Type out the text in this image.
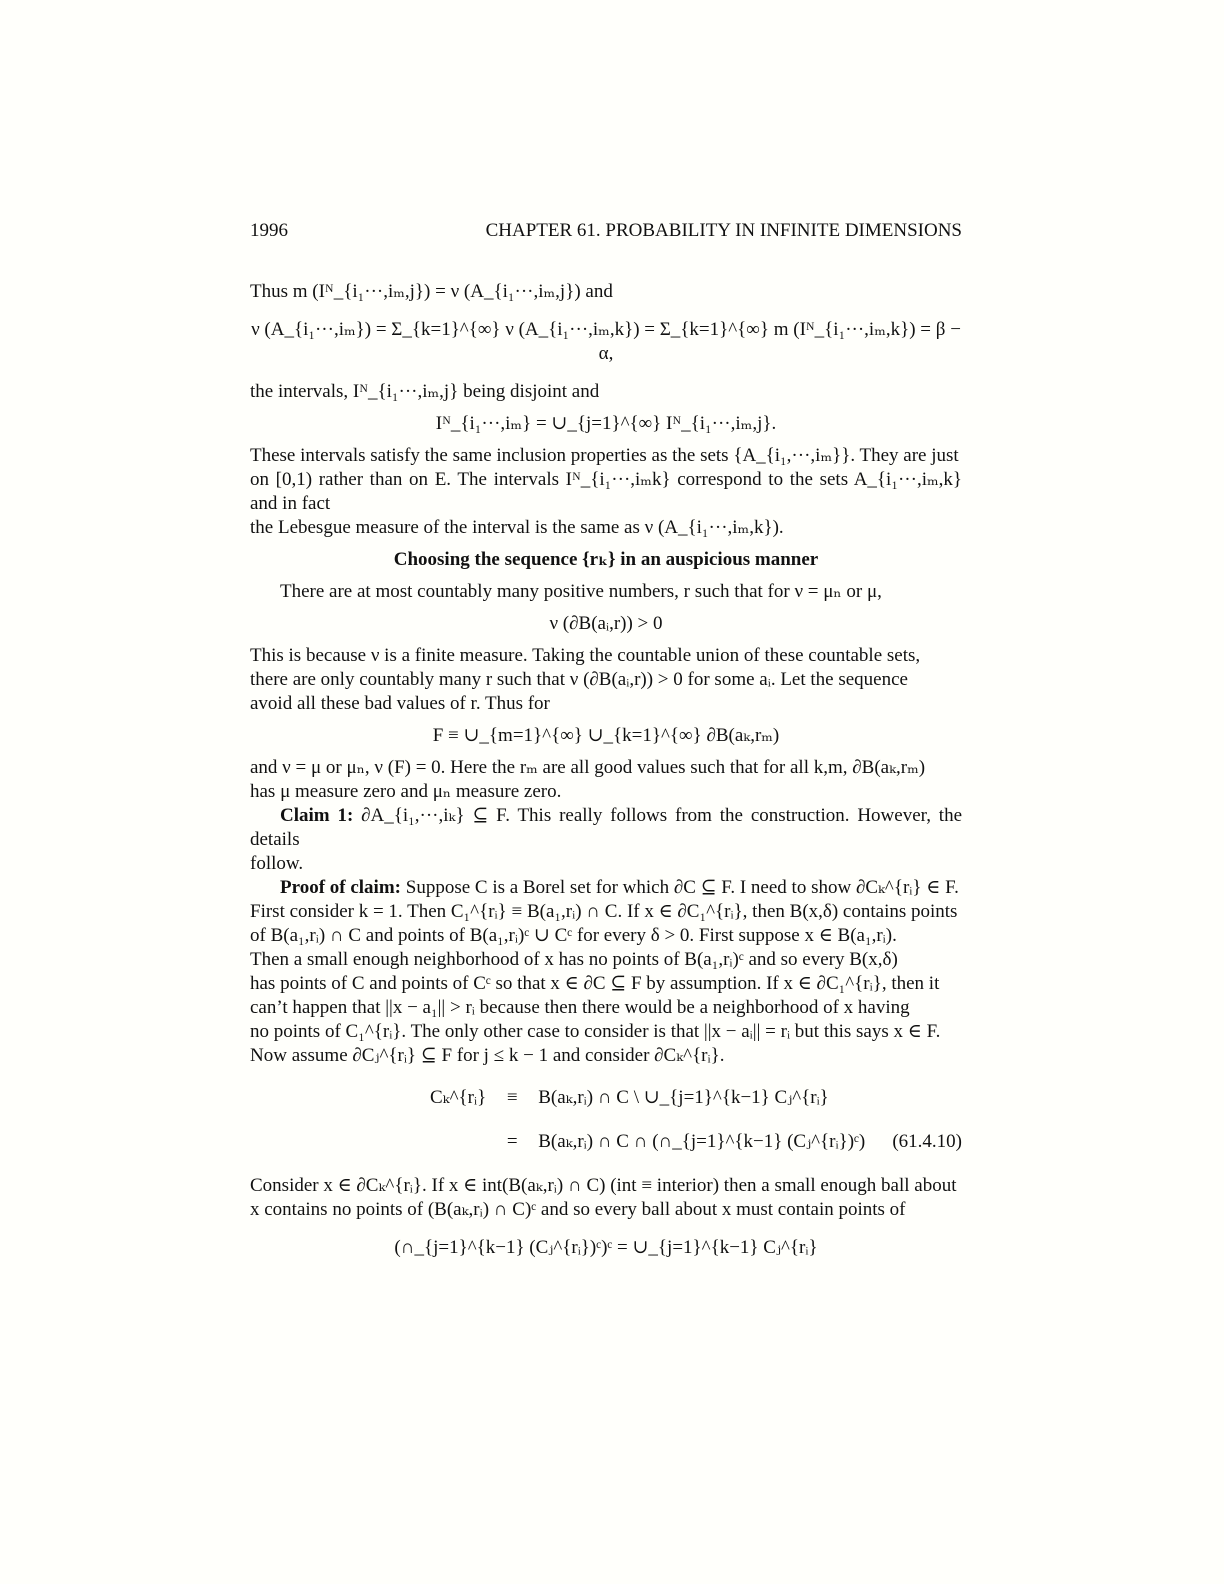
1996	CHAPTER 61. PROBABILITY IN INFINITE DIMENSIONS
Thus m (Iᴺ_{i₁···,iₘ,j}) = ν (A_{i₁···,iₘ,j}) and
ν (A_{i₁···,iₘ}) = Σ_{k=1}^{∞} ν (A_{i₁···,iₘ,k}) = Σ_{k=1}^{∞} m (Iᴺ_{i₁···,iₘ,k}) = β − α,
the intervals, Iᴺ_{i₁···,iₘ,j} being disjoint and
Iᴺ_{i₁···,iₘ} = ∪_{j=1}^{∞} Iᴺ_{i₁···,iₘ,j}.
These intervals satisfy the same inclusion properties as the sets {A_{i₁,···,iₘ}}. They are just
on [0,1) rather than on E. The intervals Iᴺ_{i₁···,iₘk} correspond to the sets A_{i₁···,iₘ,k} and in fact
the Lebesgue measure of the interval is the same as ν (A_{i₁···,iₘ,k}).
Choosing the sequence {rₖ} in an auspicious manner
There are at most countably many positive numbers, r such that for ν = μₙ or μ,
ν (∂B(aᵢ,r)) > 0
This is because ν is a finite measure. Taking the countable union of these countable sets,
there are only countably many r such that ν (∂B(aᵢ,r)) > 0 for some aᵢ. Let the sequence
avoid all these bad values of r. Thus for
F ≡ ∪_{m=1}^{∞} ∪_{k=1}^{∞} ∂B(aₖ,rₘ)
and ν = μ or μₙ, ν (F) = 0. Here the rₘ are all good values such that for all k,m, ∂B(aₖ,rₘ)
has μ measure zero and μₙ measure zero.
Claim 1: ∂A_{i₁,···,iₖ} ⊆ F. This really follows from the construction. However, the details
follow.
Proof of claim: Suppose C is a Borel set for which ∂C ⊆ F. I need to show ∂Cₖ^{rᵢ} ∈ F.
First consider k = 1. Then C₁^{rᵢ} ≡ B(a₁,rᵢ) ∩ C. If x ∈ ∂C₁^{rᵢ}, then B(x,δ) contains points
of B(a₁,rᵢ) ∩ C and points of B(a₁,rᵢ)ᶜ ∪ Cᶜ for every δ > 0. First suppose x ∈ B(a₁,rᵢ).
Then a small enough neighborhood of x has no points of B(a₁,rᵢ)ᶜ and so every B(x,δ)
has points of C and points of Cᶜ so that x ∈ ∂C ⊆ F by assumption. If x ∈ ∂C₁^{rᵢ}, then it
can’t happen that ||x − a₁|| > rᵢ because then there would be a neighborhood of x having
no points of C₁^{rᵢ}. The only other case to consider is that ||x − aᵢ|| = rᵢ but this says x ∈ F.
Now assume ∂Cⱼ^{rᵢ} ⊆ F for j ≤ k − 1 and consider ∂Cₖ^{rᵢ}.
Cₖ^{rᵢ}	≡	B(aₖ,rᵢ) ∩ C \ ∪_{j=1}^{k−1} Cⱼ^{rᵢ}
=	B(aₖ,rᵢ) ∩ C ∩ (∩_{j=1}^{k−1} (Cⱼ^{rᵢ})ᶜ) (61.4.10)
Consider x ∈ ∂Cₖ^{rᵢ}. If x ∈ int(B(aₖ,rᵢ) ∩ C) (int ≡ interior) then a small enough ball about
x contains no points of (B(aₖ,rᵢ) ∩ C)ᶜ and so every ball about x must contain points of
(∩_{j=1}^{k−1} (Cⱼ^{rᵢ})ᶜ)ᶜ = ∪_{j=1}^{k−1} Cⱼ^{rᵢ}
